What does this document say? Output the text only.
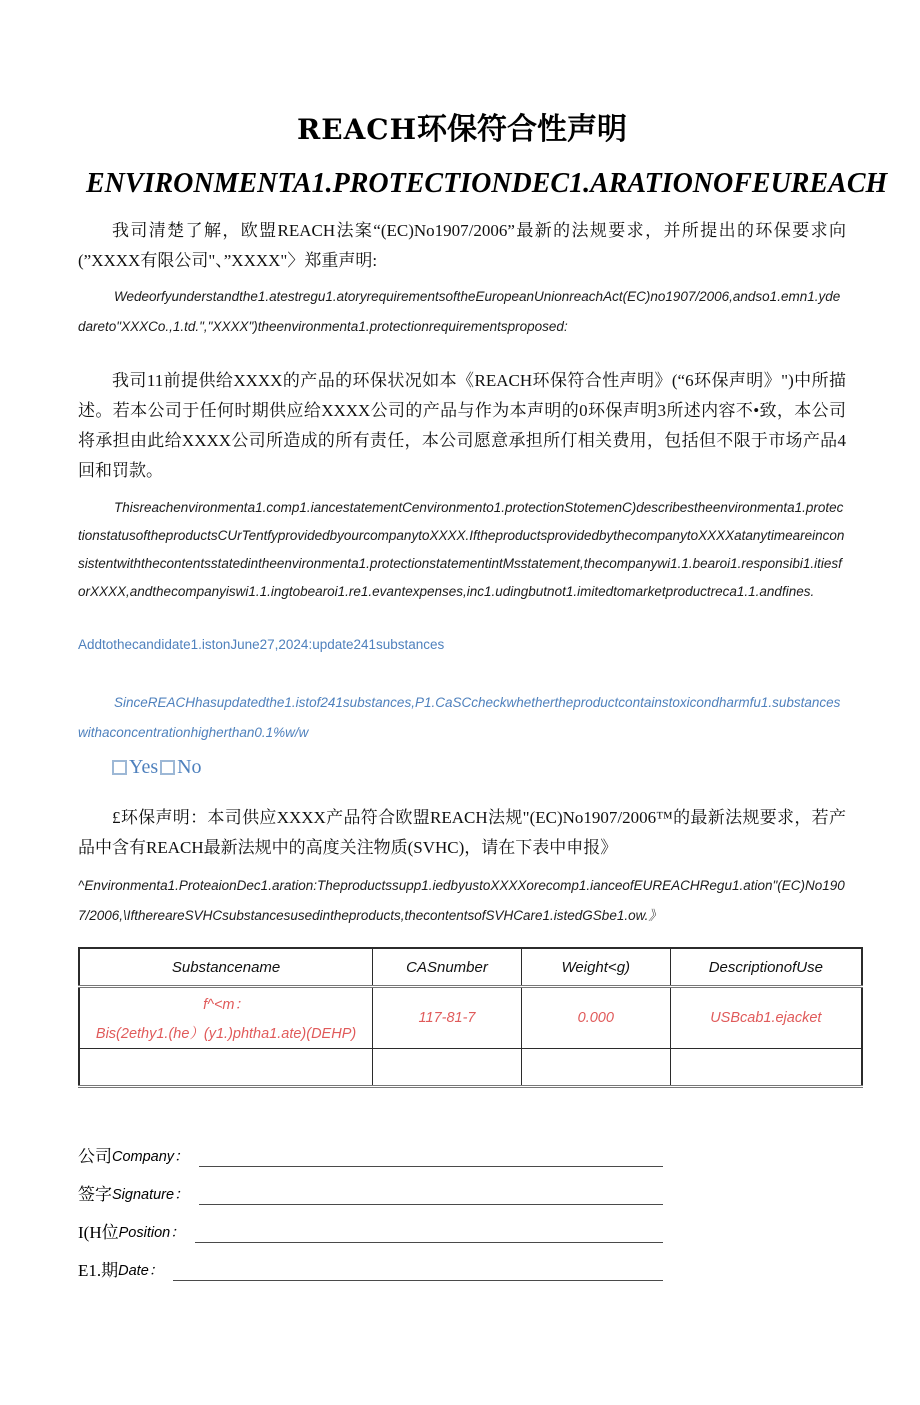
REACH环保符合性声明
ENVIRONMENTA1.PROTECTIONDEC1.ARATIONOFEUREACH

我司清楚了解，欧盟REACH法案“(EC)No1907/2006”最新的法规要求，并所提出的环保要求向(”XXXX有限公司"、”XXXX"〉郑重声明:

Wedeorfyunderstandthe1.atestregu1.atoryrequirementsoftheEuropeanUnionreachAct(EC)no1907/2006,andso1.emn1.ydedareto"XXXCo.,1.td.","XXXX")theenvironmenta1.protectionrequirementsproposed:

我司11前提供给XXXX的产品的环保状况如本《REACH环保符合性声明》(“6环保声明》")中所描述。若本公司于任何时期供应给XXXX公司的产品与作为本声明的0环保声明3所述内容不•致，本公司将承担由此给XXXX公司所造成的所有责任，本公司愿意承担所仃相关费用，包括但不限于市场产品4回和罚款。

Thisreachenvironmenta1.comp1.iancestatementCenvironmento1.protectionStotemenC)describestheenvironmenta1.protectionstatusoftheproductsCUrTentfyprovidedbyourcompanytoXXXX.IftheproductsprovidedbythecompanytoXXXXatanytimeareinconsistentwiththecontentsstatedintheenvironmenta1.protectionstatementintMsstatement,thecompanywi1.1.bearoi1.responsibi1.itiesforXXXX,andthecompanyiswi1.1.ingtobearoi1.re1.evantexpenses,inc1.udingbutnot1.imitedtomarketproductreca1.1.andfines.

Addtothecandidate1.istonJune27,2024:update241substances

SinceREACHhasupdatedthe1.istof241substances,P1.CaSCcheckwhethertheproductcontainstoxicondharmfu1.substanceswithaconcentrationhigherthan0.1%w/w

Yes No

£环保声明：本司供应XXXX产品符合欧盟REACH法规"(EC)No1907/2006™的最新法规要求，若产品中含有REACH最新法规中的高度关注物质(SVHC)，请在下表中申报》

^Environmenta1.ProteaionDec1.aration:Theproductssupp1.iedbyustoXXXXorecomp1.ianceofEUREACHRegu1.ation"(EC)No1907/2006,\IfthereareSVHCsubstancesusedintheproducts,thecontentsofSVHCare1.istedGSbe1.ow.》

Substancename	CASnumber	Weight<g)	DescriptionofUse

f^<m：
Bis(2ethy1.(he）(y1.)phtha1.ate)(DEHP)	117-81-7	0.000	USBcab1.ejacket

公司 Company：
签字 Signature：
I(H位 Position：
E1.期 Date：
